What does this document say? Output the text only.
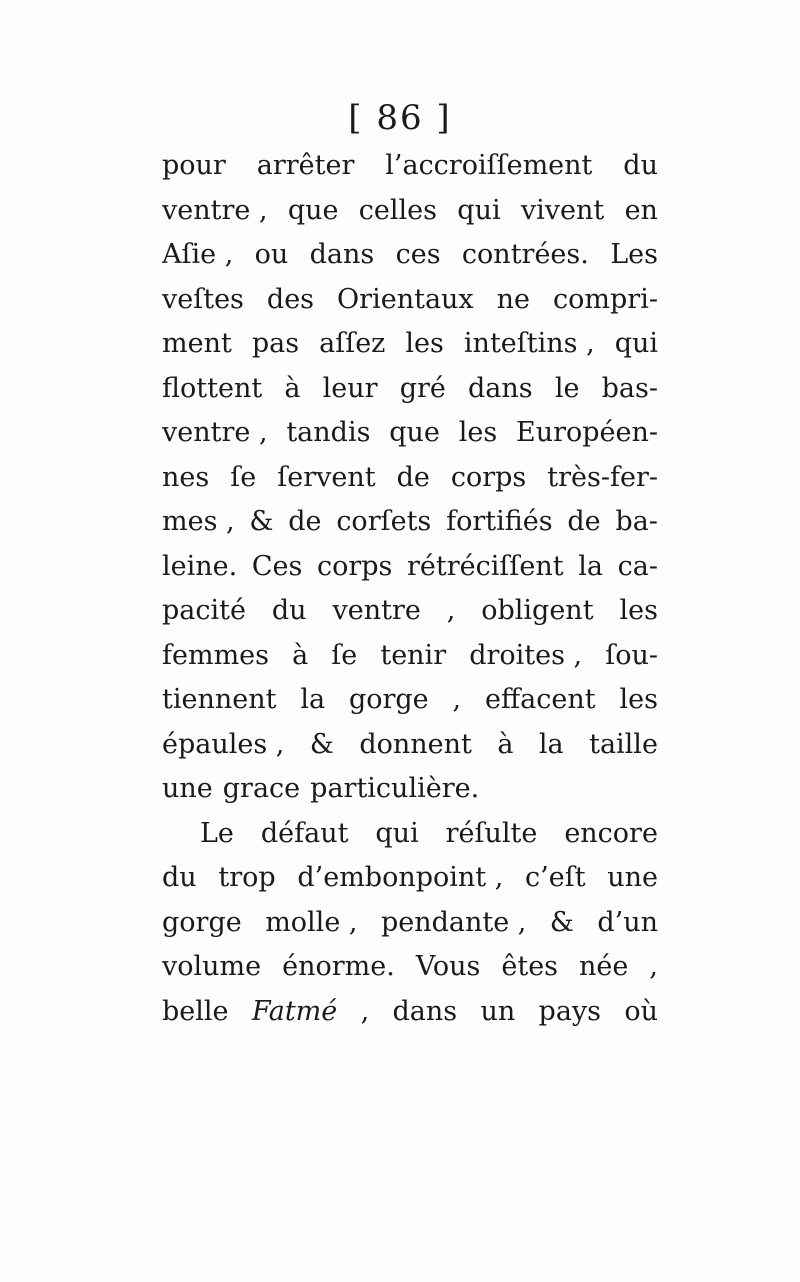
[ 86 ]
pour arrêter l’accroiſſement du
ventre , que celles qui vivent en
Aſie , ou dans ces contrées. Les
veſtes des Orientaux ne compri-
ment pas aſſez les inteſtins , qui
flottent à leur gré dans le bas-
ventre , tandis que les Européen-
nes ſe ſervent de corps très-fer-
mes , & de corſets fortifiés de ba-
leine. Ces corps rétréciſſent la ca-
pacité du ventre , obligent les
femmes à ſe tenir droites , ſou-
tiennent la gorge , effacent les
épaules , & donnent à la taille
une grace particulière.
Le défaut qui réſulte encore
du trop d’embonpoint , c’eſt une
gorge molle , pendante , & d’un
volume énorme. Vous êtes née ,
belle Fatmé , dans un pays où
